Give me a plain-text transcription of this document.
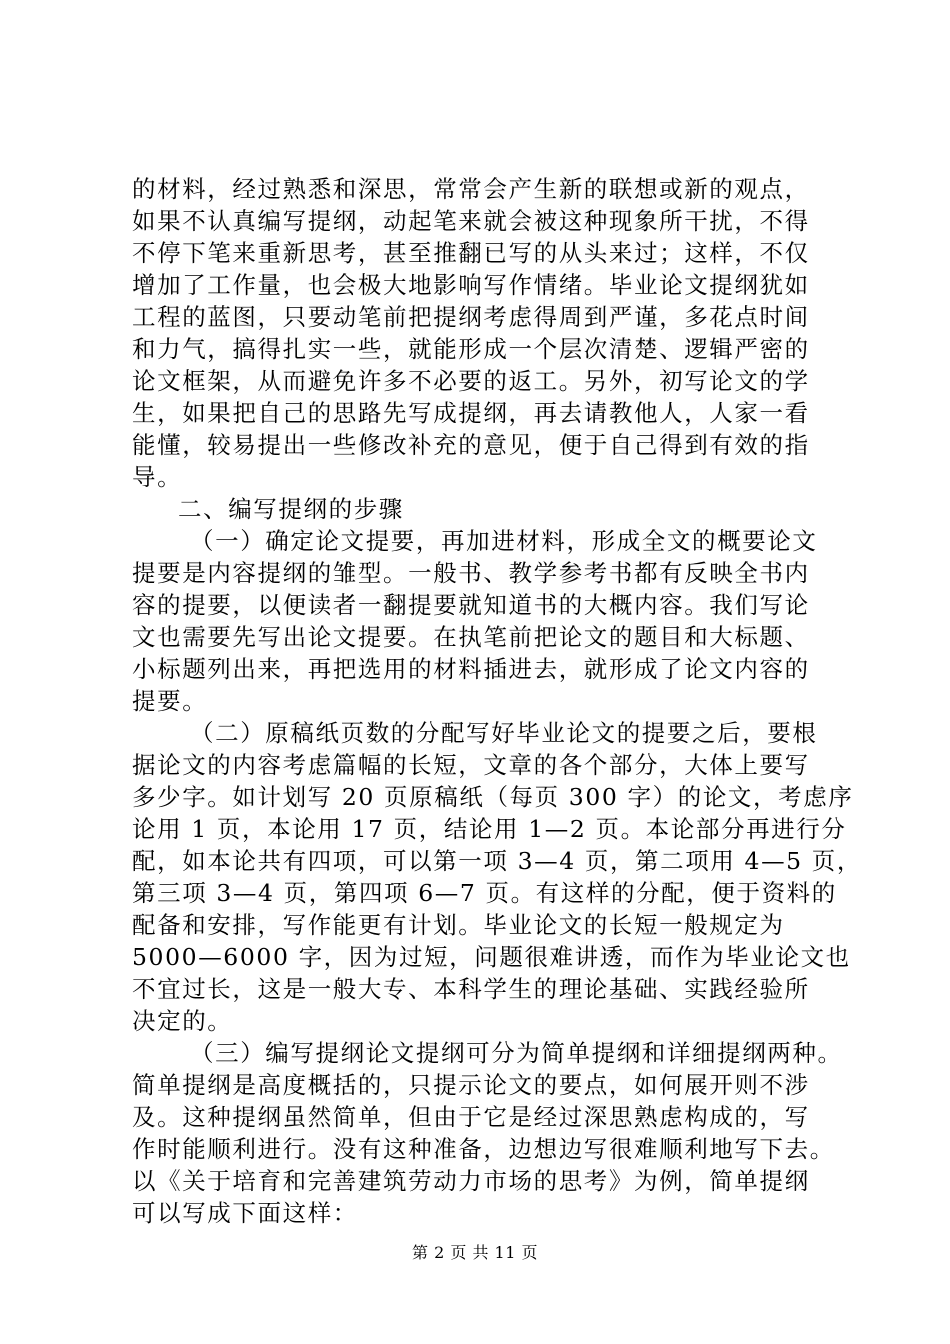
的材料，经过熟悉和深思，常常会产生新的联想或新的观点，
如果不认真编写提纲，动起笔来就会被这种现象所干扰，不得
不停下笔来重新思考，甚至推翻已写的从头来过；这样，不仅
增加了工作量，也会极大地影响写作情绪。毕业论文提纲犹如
工程的蓝图，只要动笔前把提纲考虑得周到严谨，多花点时间
和力气，搞得扎实一些，就能形成一个层次清楚、逻辑严密的
论文框架，从而避免许多不必要的返工。另外，初写论文的学
生，如果把自己的思路先写成提纲，再去请教他人，人家一看
能懂，较易提出一些修改补充的意见，便于自己得到有效的指
导。
二、编写提纲的步骤
（一）确定论文提要，再加进材料，形成全文的概要论文
提要是内容提纲的雏型。一般书、教学参考书都有反映全书内
容的提要，以便读者一翻提要就知道书的大概内容。我们写论
文也需要先写出论文提要。在执笔前把论文的题目和大标题、
小标题列出来，再把选用的材料插进去，就形成了论文内容的
提要。
（二）原稿纸页数的分配写好毕业论文的提要之后，要根
据论文的内容考虑篇幅的长短，文章的各个部分，大体上要写
多少字。如计划写 20 页原稿纸（每页 300 字）的论文，考虑序
论用 1 页，本论用 17 页，结论用 1—2 页。本论部分再进行分
配，如本论共有四项，可以第一项 3—4 页，第二项用 4—5 页，
第三项 3—4 页，第四项 6—7 页。有这样的分配，便于资料的
配备和安排，写作能更有计划。毕业论文的长短一般规定为
5000—6000 字，因为过短，问题很难讲透，而作为毕业论文也
不宜过长，这是一般大专、本科学生的理论基础、实践经验所
决定的。
（三）编写提纲论文提纲可分为简单提纲和详细提纲两种。
简单提纲是高度概括的，只提示论文的要点，如何展开则不涉
及。这种提纲虽然简单，但由于它是经过深思熟虑构成的，写
作时能顺利进行。没有这种准备，边想边写很难顺利地写下去。
以《关于培育和完善建筑劳动力市场的思考》为例，简单提纲
可以写成下面这样：
第 2 页 共 11 页
